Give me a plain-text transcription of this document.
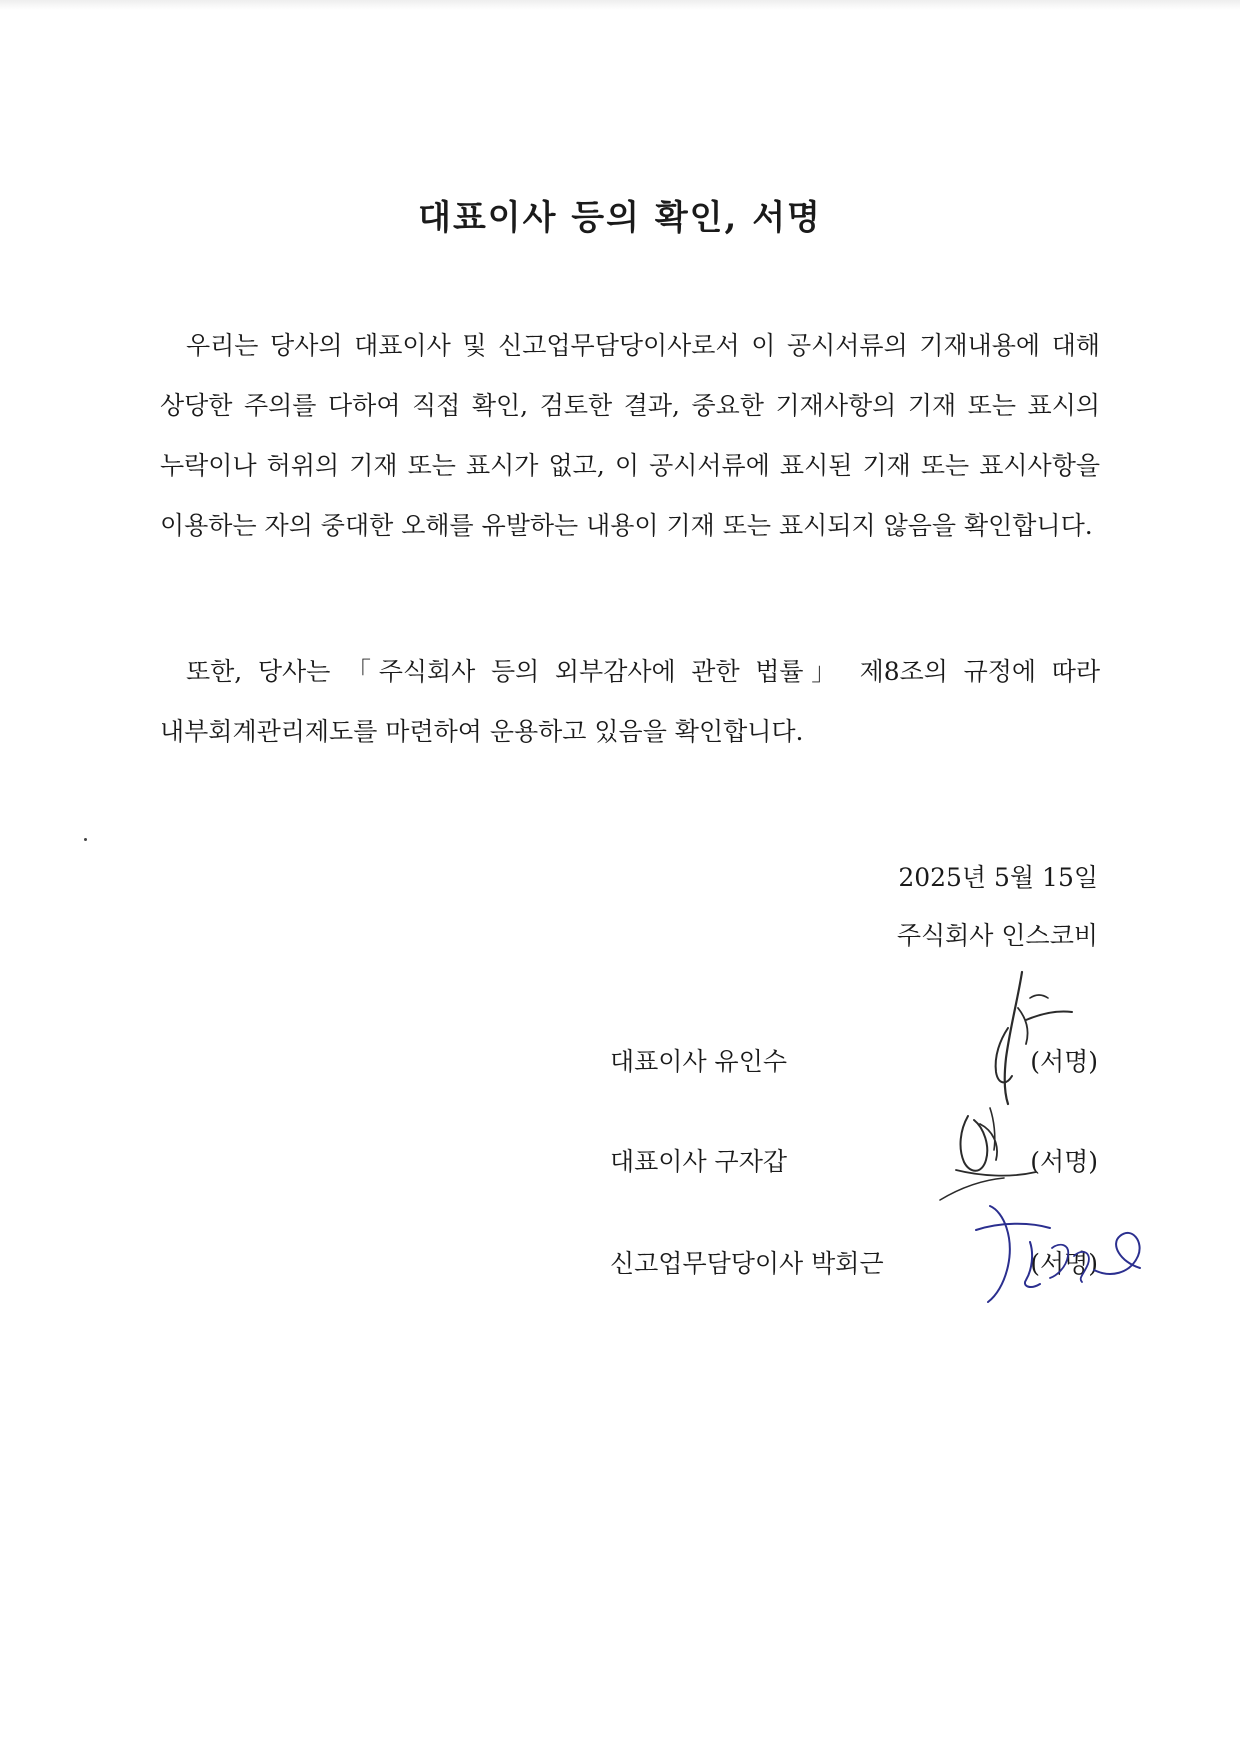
대표이사 등의 확인, 서명

우리는 당사의 대표이사 및 신고업무담당이사로서 이 공시서류의 기재내용에 대해 상당한 주의를 다하여 직접 확인, 검토한 결과, 중요한 기재사항의 기재 또는 표시의 누락이나 허위의 기재 또는 표시가 없고, 이 공시서류에 표시된 기재 또는 표시사항을 이용하는 자의 중대한 오해를 유발하는 내용이 기재 또는 표시되지 않음을 확인합니다.

또한, 당사는 「주식회사 등의 외부감사에 관한 법률」 제8조의 규정에 따라 내부회계관리제도를 마련하여 운용하고 있음을 확인합니다.

2025년 5월 15일

주식회사 인스코비

대표이사 유인수	(서명)
대표이사 구자갑	(서명)
신고업무담당이사 박회근	(서명)
